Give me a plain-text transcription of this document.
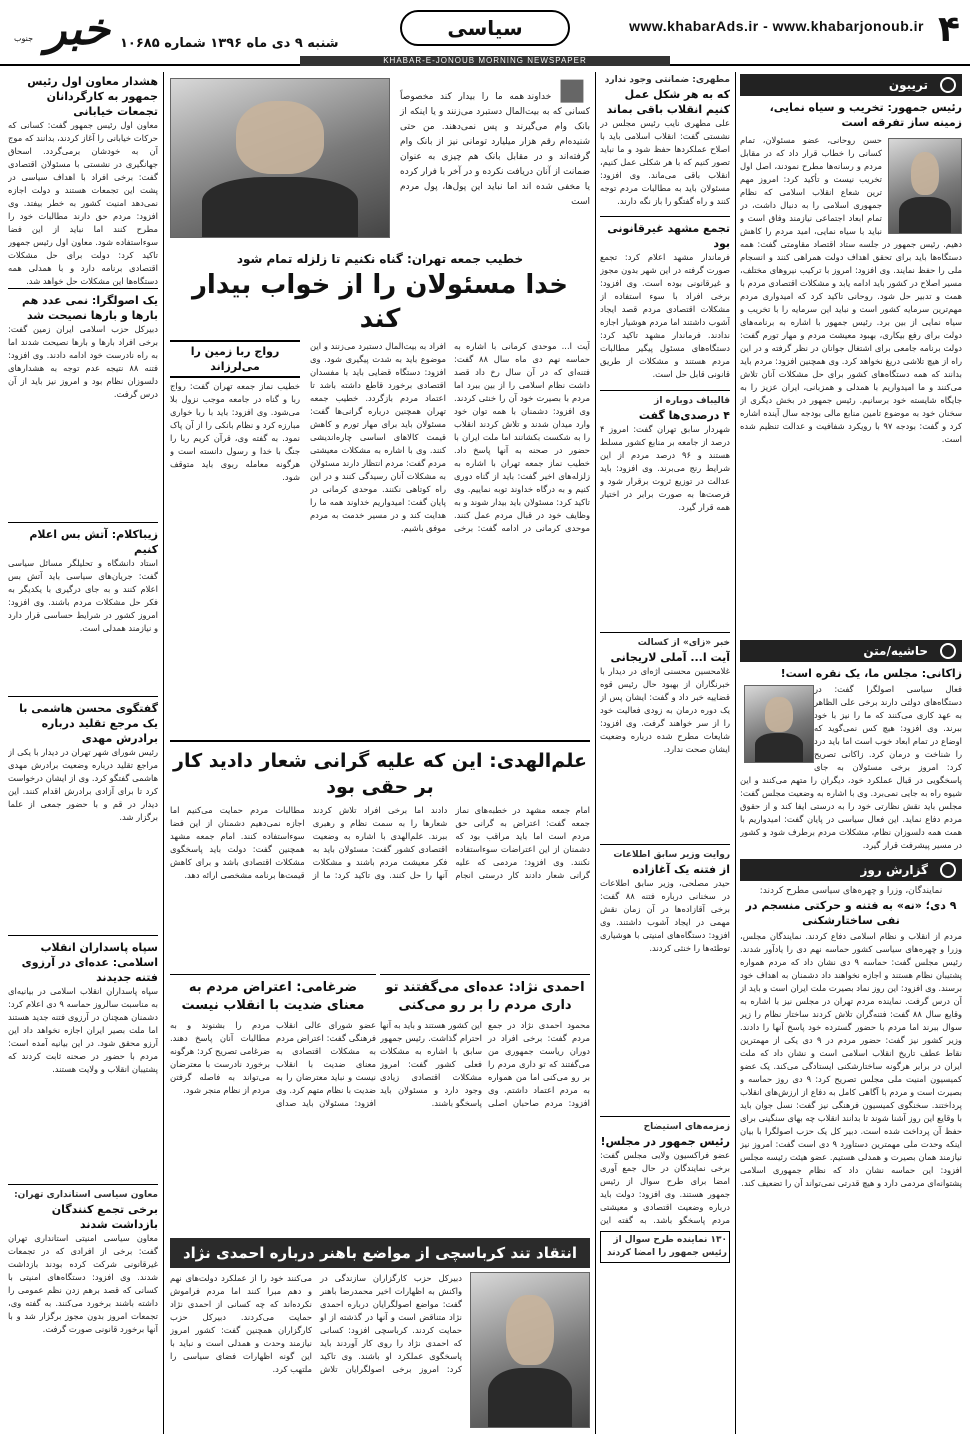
۴
www.khabarAds.ir - www.khabarjonoub.ir
سیاسی
KHABAR-E-JONOUB MORNING NEWSPAPER
شنبه ۹ دی ماه ۱۳۹۶ شماره ۱۰۶۸۵
خبر
جنوب
تریبون
رئیس جمهور: تخریب و سیاه نمایی، زمینه ساز تفرقه است
حسن روحانی، عضو مسئولان، تمام کسانی را خطاب قرار داد که در مقابل مردم و رسانه‌ها مطرح نمودند، اصل اول تخریب نیست و تأکید کرد: امروز مهم ترین شعاع انقلاب اسلامی که نظام جمهوری اسلامی را به دنبال داشت، در تمام ابعاد اجتماعی نیازمند وفاق است و نباید با سیاه نمایی، امید مردم را کاهش دهیم. رئیس جمهور در جلسه ستاد اقتصاد مقاومتی گفت: همه دستگاه‌ها باید برای تحقق اهداف دولت همراهی کنند و انسجام ملی را حفظ نمایند. وی افزود: امروز با ترکیب نیروهای مختلف، مسیر اصلاح در کشور باید ادامه یابد و مشکلات اقتصادی مردم با همت و تدبیر حل شود. روحانی تاکید کرد که امیدواری مردم مهم‌ترین سرمایه کشور است و نباید این سرمایه را با تخریب و سیاه نمایی از بین برد. رئیس جمهور با اشاره به برنامه‌های دولت برای رفع بیکاری، بهبود معیشت مردم و مهار تورم گفت: دولت برنامه جامعی برای اشتغال جوانان در نظر گرفته و در این راه از هیچ تلاشی دریغ نخواهد کرد. وی همچنین افزود: مردم باید بدانند که همه دستگاه‌های کشور برای حل مشکلات آنان تلاش می‌کنند و ما امیدواریم با همدلی و همزبانی، ایران عزیز را به جایگاه شایسته خود برسانیم. رئیس جمهور در بخش دیگری از سخنان خود به موضوع تامین منابع مالی بودجه سال آینده اشاره کرد و گفت: بودجه ۹۷ با رویکرد شفافیت و عدالت تنظیم شده است.
حاشیه/متن
زاکانی: مجلس ما، یک نقره است!
فعال سیاسی اصولگرا گفت: در دستگاه‌های دولتی دارند برخی علی الظاهر به عهد کاری می‌کنند که ما را نیز با خود ببرند. وی افزود: هیچ کس نمی‌گوید که اوضاع در تمام ابعاد خوب است اما باید درد را شناخت و درمان کرد. زاکانی تصریح کرد: امروز برخی مسئولان به جای پاسخگویی در قبال عملکرد خود، دیگران را متهم می‌کنند و این شیوه راه به جایی نمی‌برد. وی با اشاره به وضعیت مجلس گفت: مجلس باید نقش نظارتی خود را به درستی ایفا کند و از حقوق مردم دفاع نماید. این فعال سیاسی در پایان گفت: امیدواریم با همت همه دلسوزان نظام، مشکلات مردم برطرف شود و کشور در مسیر پیشرفت قرار گیرد.
گزارش روز
نمایندگان، وزرا و چهره‌های سیاسی مطرح کردند:
۹ دی؛ «نه» به فتنه و حرکتی منسجم در نفی ساختارشکنی
مردم از انقلاب و نظام اسلامی دفاع کردند. نمایندگان مجلس، وزرا و چهره‌های سیاسی کشور حماسه نهم دی را یادآور شدند. رئیس مجلس گفت: حماسه ۹ دی نشان داد که مردم همواره پشتیبان نظام هستند و اجازه نخواهند داد دشمنان به اهداف خود برسند. وی افزود: این روز نماد بصیرت ملت ایران است و باید از آن درس گرفت. نماینده مردم تهران در مجلس نیز با اشاره به وقایع سال ۸۸ گفت: فتنه‌گران تلاش کردند ساختار نظام را زیر سوال ببرند اما مردم با حضور گسترده خود پاسخ آنها را دادند. وزیر کشور نیز گفت: حضور مردم در ۹ دی یکی از مهمترین نقاط عطف تاریخ انقلاب اسلامی است و نشان داد که ملت ایران در برابر هرگونه ساختارشکنی ایستادگی می‌کند. یک عضو کمیسیون امنیت ملی مجلس تصریح کرد: ۹ دی روز حماسه و بصیرت است و مردم با آگاهی کامل به دفاع از ارزش‌های انقلاب پرداختند. سخنگوی کمیسیون فرهنگی نیز گفت: نسل جوان باید با وقایع این روز آشنا شوند تا بدانند انقلاب چه بهای سنگینی برای حفظ آن پرداخت شده است. دبیر کل یک حزب اصولگرا با بیان اینکه وحدت ملی مهمترین دستاورد ۹ دی است گفت: امروز نیز نیازمند همان بصیرت و همدلی هستیم. عضو هیئت رئیسه مجلس افزود: این حماسه نشان داد که نظام جمهوری اسلامی پشتوانه‌ای مردمی دارد و هیچ قدرتی نمی‌تواند آن را تضعیف کند.
مطهری: ضمانتی وجود ندارد
که به هر شکل عمل کنیم انقلاب باقی بماند
علی مطهری نایب رئیس مجلس در نشستی گفت: انقلاب اسلامی باید با اصلاح عملکردها حفظ شود و ما نباید تصور کنیم که با هر شکلی عمل کنیم، انقلاب باقی می‌ماند. وی افزود: مسئولان باید به مطالبات مردم توجه کنند و راه گفتگو را باز نگه دارند.
تجمع مشهد غیرقانونی بود
فرماندار مشهد اعلام کرد: تجمع صورت گرفته در این شهر بدون مجوز و غیرقانونی بوده است. وی افزود: برخی افراد با سوء استفاده از مشکلات اقتصادی مردم قصد ایجاد آشوب داشتند اما مردم هوشیار اجازه ندادند. فرماندار مشهد تاکید کرد: دستگاه‌های مسئول پیگیر مطالبات مردم هستند و مشکلات از طریق قانونی قابل حل است.
قالیباف دوباره از
۴ درصدی‌ها گفت
شهردار سابق تهران گفت: امروز ۴ درصد از جامعه بر منابع کشور مسلط هستند و ۹۶ درصد مردم از این شرایط رنج می‌برند. وی افزود: باید عدالت در توزیع ثروت برقرار شود و فرصت‌ها به صورت برابر در اختیار همه قرار گیرد.
خبر «زای» از کسالت
آیت ا... آملی لاریجانی
غلامحسین محسنی اژه‌ای در دیدار با خبرنگاران از بهبود حال رئیس قوه قضاییه خبر داد و گفت: ایشان پس از یک دوره درمان به زودی فعالیت خود را از سر خواهند گرفت. وی افزود: شایعات مطرح شده درباره وضعیت ایشان صحت ندارد.
روایت وزیر سابق اطلاعات
از فتنه یک آغازاده
حیدر مصلحی، وزیر سابق اطلاعات در سخنانی درباره فتنه ۸۸ گفت: برخی آقازاده‌ها در آن زمان نقش مهمی در ایجاد آشوب داشتند. وی افزود: دستگاه‌های امنیتی با هوشیاری توطئه‌ها را خنثی کردند.
زمزمه‌های استیضاح
رئیس جمهور در مجلس!
عضو فراکسیون ولایی مجلس گفت: برخی نمایندگان در حال جمع آوری امضا برای طرح سوال از رئیس جمهور هستند. وی افزود: دولت باید درباره وضعیت اقتصادی و معیشتی مردم پاسخگو باشد. به گفته این
۱۳۰ نماینده طرح سوال از رئیس جمهور را امضا کردند
■ خداوند همه ما را بیدار کند مخصوصاً کسانی که به بیت‌المال دستبرد می‌زنند و یا اینکه از بانک وام می‌گیرند و پس نمی‌دهند. من حتی شنیده‌ام رقم هزار میلیارد تومانی نیز از بانک وام گرفته‌اند و در مقابل بانک هم چیزی به عنوان ضمانت از آنان دریافت نکرده و در آخر با فرار کرده یا مخفی شده اند اما نباید این پول‌ها، پول مردم است
خطیب جمعه تهران: گناه نکنیم تا زلزله تمام شود
خدا مسئولان را از خواب بیدار کند
آیت ا... موحدی کرمانی با اشاره به حماسه نهم دی ماه سال ۸۸ گفت: فتنه‌ای که در آن سال رخ داد قصد داشت نظام اسلامی را از بین ببرد اما مردم با بصیرت خود آن را خنثی کردند. وی افزود: دشمنان با همه توان خود وارد میدان شدند و تلاش کردند انقلاب را به شکست بکشانند اما ملت ایران با حضور در صحنه به آنها پاسخ داد. خطیب نماز جمعه تهران با اشاره به زلزله‌های اخیر گفت: باید از گناه دوری کنیم و به درگاه خداوند توبه نماییم. وی تاکید کرد: مسئولان باید بیدار شوند و به وظایف خود در قبال مردم عمل کنند. موحدی کرمانی در ادامه گفت: برخی افراد به بیت‌المال دستبرد می‌زنند و این موضوع باید به شدت پیگیری شود. وی افزود: دستگاه قضایی باید با مفسدان اقتصادی برخورد قاطع داشته باشد تا اعتماد مردم بازگردد. خطیب جمعه تهران همچنین درباره گرانی‌ها گفت: مسئولان باید برای مهار تورم و کاهش قیمت کالاهای اساسی چاره‌اندیشی کنند. وی با اشاره به مشکلات معیشتی مردم گفت: مردم انتظار دارند مسئولان به مشکلات آنان رسیدگی کنند و در این راه کوتاهی نکنند. موحدی کرمانی در پایان گفت: امیدواریم خداوند همه ما را هدایت کند و در مسیر خدمت به مردم موفق باشیم.
رواج ربا زمین را می‌لرزاند
خطیب نماز جمعه تهران گفت: رواج ربا و گناه در جامعه موجب نزول بلا می‌شود. وی افزود: باید با ربا خواری مبارزه کرد و نظام بانکی را از آن پاک نمود. به گفته وی، قرآن کریم ربا را جنگ با خدا و رسول دانسته است و هرگونه معامله ربوی باید متوقف شود.
علم‌الهدی: این که علیه گرانی شعار دادید کار بر حقی بود
امام جمعه مشهد در خطبه‌های نماز جمعه گفت: اعتراض به گرانی حق مردم است اما باید مراقب بود که دشمنان از این اعتراضات سوءاستفاده نکنند. وی افزود: مردمی که علیه گرانی شعار دادند کار درستی انجام دادند اما برخی افراد تلاش کردند شعارها را به سمت نظام و رهبری ببرند. علم‌الهدی با اشاره به وضعیت اقتصادی کشور گفت: مسئولان باید به فکر معیشت مردم باشند و مشکلات آنها را حل کنند. وی تاکید کرد: ما از مطالبات مردم حمایت می‌کنیم اما اجازه نمی‌دهیم دشمنان از این فضا سوءاستفاده کنند. امام جمعه مشهد همچنین گفت: دولت باید پاسخگوی مشکلات اقتصادی باشد و برای کاهش قیمت‌ها برنامه مشخصی ارائه دهد.
احمدی نژاد: عده‌ای می‌گفتند تو داری مردم را بر رو می‌کنی
محمود احمدی نژاد در جمع مردم گفت: برخی افراد در دوران ریاست جمهوری من می‌گفتند که تو داری مردم را بر رو می‌کنی اما من همواره به مردم اعتماد داشتم. وی افزود: مردم صاحبان اصلی این کشور هستند و باید به آنها احترام گذاشت. رئیس جمهور سابق با اشاره به مشکلات فعلی کشور گفت: امروز مشکلات اقتصادی زیادی وجود دارد و مسئولان باید پاسخگو باشند.
ضرغامی: اعتراض مردم به معنای ضدیت با انقلاب نیست
عضو شورای عالی انقلاب فرهنگی گفت: اعتراض مردم به مشکلات اقتصادی به معنای ضدیت با انقلاب نیست و نباید معترضان را به ضدیت با نظام متهم کرد. وی افزود: مسئولان باید صدای مردم را بشنوند و به مطالبات آنان پاسخ دهند. ضرغامی تصریح کرد: هرگونه برخورد نادرست با معترضان می‌تواند به فاصله گرفتن مردم از نظام منجر شود.
انتقاد تند کرباسچی از مواضع باهنر درباره احمدی نژاد
دبیرکل حزب کارگزاران سازندگی در واکنش به اظهارات اخیر محمدرضا باهنر گفت: مواضع اصولگرایان درباره احمدی نژاد متناقض است و آنها در گذشته از او حمایت کردند. کرباسچی افزود: کسانی که احمدی نژاد را روی کار آوردند باید پاسخگوی عملکرد او باشند. وی تاکید کرد: امروز برخی اصولگرایان تلاش می‌کنند خود را از عملکرد دولت‌های نهم و دهم مبرا کنند اما مردم فراموش نکرده‌اند که چه کسانی از احمدی نژاد حمایت می‌کردند. دبیرکل حزب کارگزاران همچنین گفت: کشور امروز نیازمند وحدت و همدلی است و نباید با این گونه اظهارات فضای سیاسی را ملتهب کرد.
هشدار معاون اول رئیس جمهور به کارگردانان تجمعات خیابانی
معاون اول رئیس جمهور گفت: کسانی که حرکات خیابانی را آغاز کردند، بدانند که موج آن به خودشان برمی‌گردد. اسحاق جهانگیری در نشستی با مسئولان اقتصادی گفت: برخی افراد با اهداف سیاسی در پشت این تجمعات هستند و دولت اجازه نمی‌دهد امنیت کشور به خطر بیفتد. وی افزود: مردم حق دارند مطالبات خود را مطرح کنند اما نباید از این فضا سوءاستفاده شود. معاون اول رئیس جمهور تاکید کرد: دولت برای حل مشکلات اقتصادی برنامه دارد و با همدلی همه دستگاه‌ها این مشکلات حل خواهد شد.
یک اصولگرا: نمی‌ عدد هم بارها و بارها نصیحت شد
دبیرکل حزب اسلامی ایران زمین گفت: برخی افراد بارها و بارها نصیحت شدند اما به راه نادرست خود ادامه دادند. وی افزود: فتنه ۸۸ نتیجه عدم توجه به هشدارهای دلسوزان نظام بود و امروز نیز باید از آن درس گرفت.
زیباکلام: آتش بس اعلام کنیم
استاد دانشگاه و تحلیلگر مسائل سیاسی گفت: جریان‌های سیاسی باید آتش بس اعلام کنند و به جای درگیری با یکدیگر به فکر حل مشکلات مردم باشند. وی افزود: امروز کشور در شرایط حساسی قرار دارد و نیازمند همدلی است.
گفتگوی محسن هاشمی با یک مرجع تقلید درباره برادرش مهدی
رئیس شورای شهر تهران در دیدار با یکی از مراجع تقلید درباره وضعیت برادرش مهدی هاشمی گفتگو کرد. وی از ایشان درخواست کرد تا برای آزادی برادرش اقدام کنند. این دیدار در قم و با حضور جمعی از علما برگزار شد.
سپاه پاسداران انقلاب اسلامی: عده‌ای در آرزوی فتنه جدیدند
سپاه پاسداران انقلاب اسلامی در بیانیه‌ای به مناسبت سالروز حماسه ۹ دی اعلام کرد: دشمنان همچنان در آرزوی فتنه جدید هستند اما ملت بصیر ایران اجازه نخواهد داد این آرزو محقق شود. در این بیانیه آمده است: مردم با حضور در صحنه ثابت کردند که پشتیبان انقلاب و ولایت هستند.
معاون سیاسی استانداری تهران:
برخی تجمع کنندگان بازداشت شدند
معاون سیاسی امنیتی استانداری تهران گفت: برخی از افرادی که در تجمعات غیرقانونی شرکت کرده بودند بازداشت شدند. وی افزود: دستگاه‌های امنیتی با کسانی که قصد برهم زدن نظم عمومی را داشته باشند برخورد می‌کنند. به گفته وی، تجمعات امروز بدون مجوز برگزار شد و با آنها برخورد قانونی صورت گرفت.
